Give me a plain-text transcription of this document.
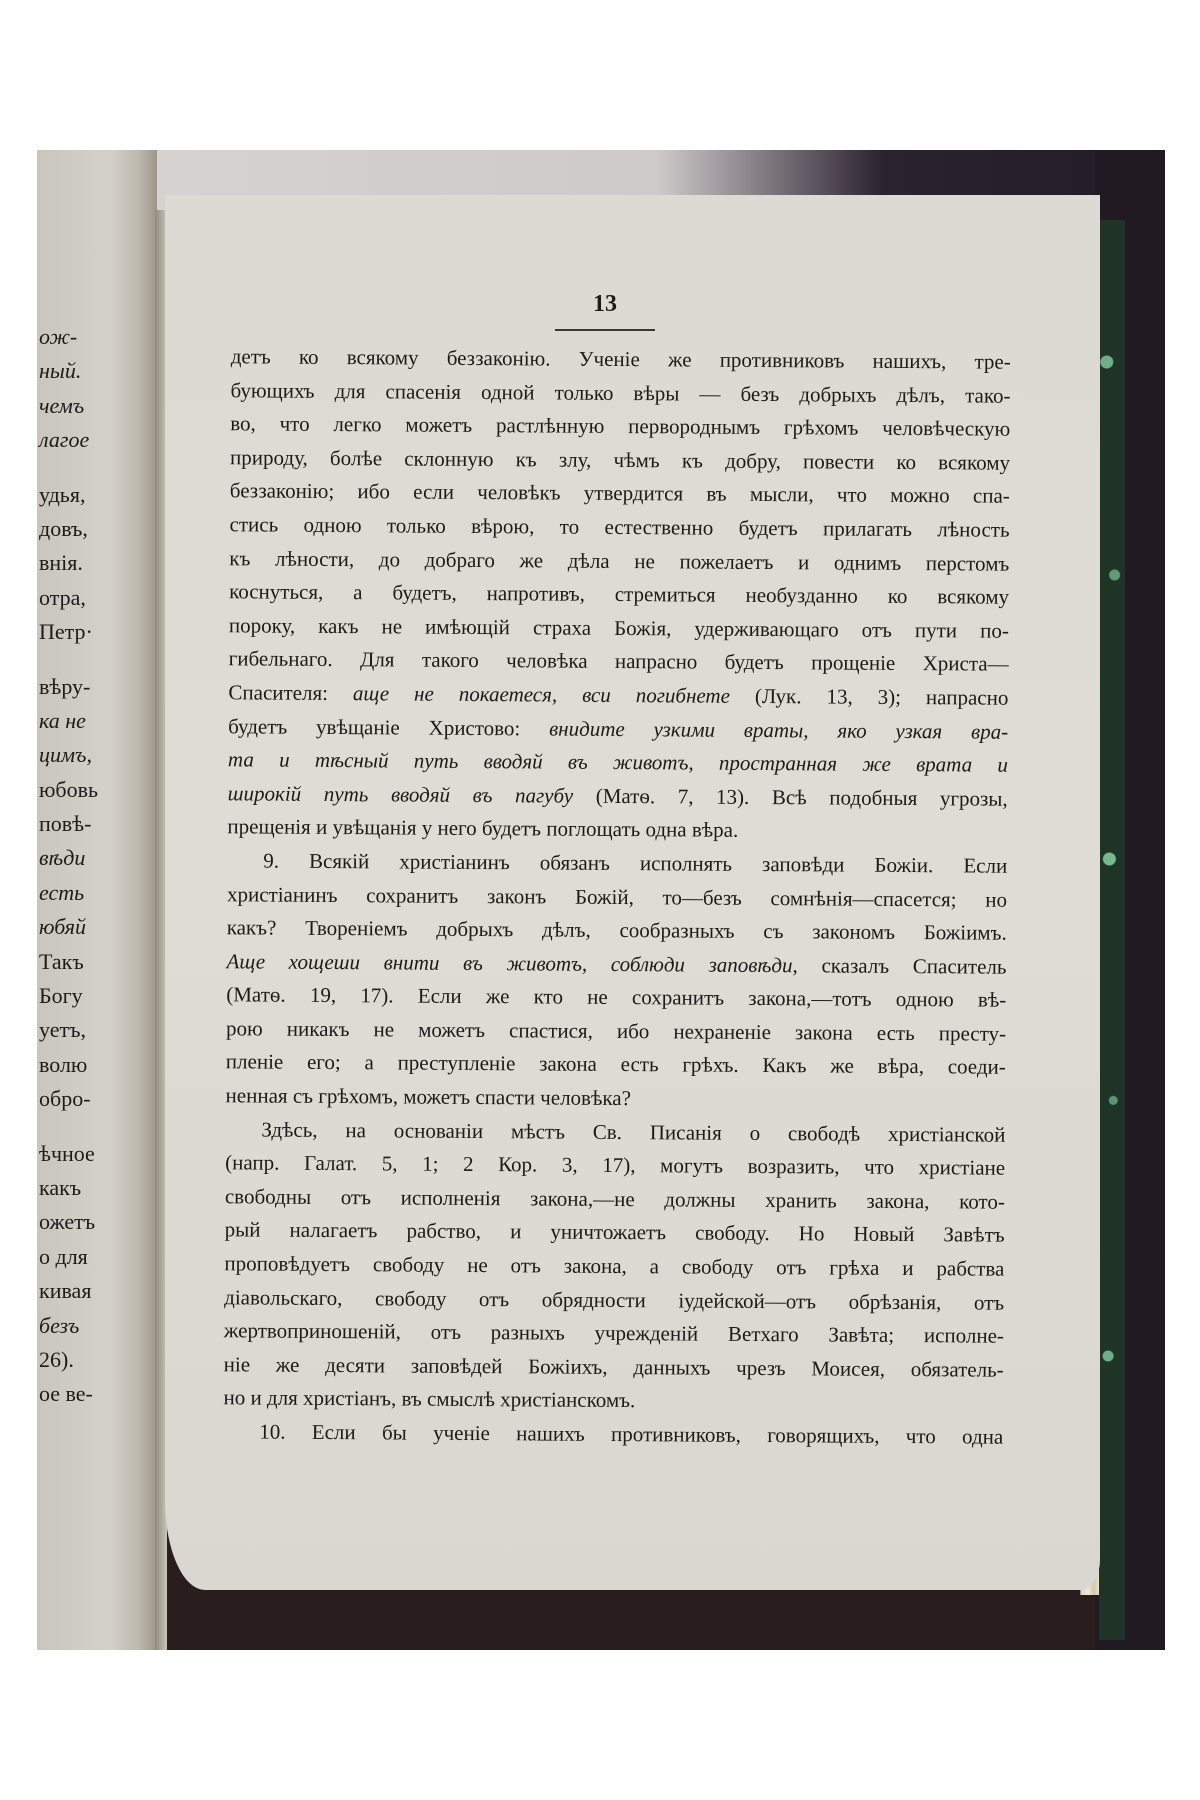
ож-
ный.
чемъ
лагое
удья,
довъ,
внія.
отра,
Петр·
вѣру-
ка не
цимъ,
юбовь
повѣ-
вѣди
есть
юбяй
Такъ
Богу
уетъ,
волю
обро-
ѣчное
какъ
ожетъ
о для
кивая
безъ
26).
ое ве-
13
детъ ко всякому беззаконію. Ученіе же противниковъ нашихъ, тре-
бующихъ для спасенія одной только вѣры — безъ добрыхъ дѣлъ, тако-
во, что легко можетъ растлѣнную первороднымъ грѣхомъ человѣческую
природу, болѣе склонную къ злу, чѣмъ къ добру, повести ко всякому
беззаконію; ибо если человѣкъ утвердится въ мысли, что можно спа-
стись одною только вѣрою, то естественно будетъ прилагать лѣность
къ лѣности, до добраго же дѣла не пожелаетъ и однимъ перстомъ
коснуться, а будетъ, напротивъ, стремиться необузданно ко всякому
пороку, какъ не имѣющій страха Божія, удерживающаго отъ пути по-
гибельнаго. Для такого человѣка напрасно будетъ прощеніе Христа—
Спасителя: аще не покаетеся, вси погибнете (Лук. 13, 3); напрасно
будетъ увѣщаніе Христово: внидите узкими враты, яко узкая вра-
та и тѣсный путь вводяй въ животъ, пространная же врата и
широкій путь вводяй въ пагубу (Матѳ. 7, 13). Всѣ подобныя угрозы,
прещенія и увѣщанія у него будетъ поглощать одна вѣра.
9. Всякій христіанинъ обязанъ исполнять заповѣди Божіи. Если
христіанинъ сохранитъ законъ Божій, то—безъ сомнѣнія—спасется; но
какъ? Твореніемъ добрыхъ дѣлъ, сообразныхъ съ закономъ Божіимъ.
Аще хощеши внити въ животъ, соблюди заповѣди, сказалъ Спаситель
(Матѳ. 19, 17). Если же кто не сохранитъ закона,—тотъ одною вѣ-
рою никакъ не можетъ спастися, ибо нехраненіе закона есть престу-
пленіе его; а преступленіе закона есть грѣхъ. Какъ же вѣра, соеди-
ненная съ грѣхомъ, можетъ спасти человѣка?
Здѣсь, на основаніи мѣстъ Св. Писанія о свободѣ христіанской
(напр. Галат. 5, 1; 2 Кор. 3, 17), могутъ возразить, что христіане
свободны отъ исполненія закона,—не должны хранить закона, кото-
рый налагаетъ рабство, и уничтожаетъ свободу. Но Новый Завѣтъ
проповѣдуетъ свободу не отъ закона, а свободу отъ грѣха и рабства
діавольскаго, свободу отъ обрядности іудейской—отъ обрѣзанія, отъ
жертвоприношеній, отъ разныхъ учрежденій Ветхаго Завѣта; исполне-
ніе же десяти заповѣдей Божіихъ, данныхъ чрезъ Моисея, обязатель-
но и для христіанъ, въ смыслѣ христіанскомъ.
10. Если бы ученіе нашихъ противниковъ, говорящихъ, что одна
